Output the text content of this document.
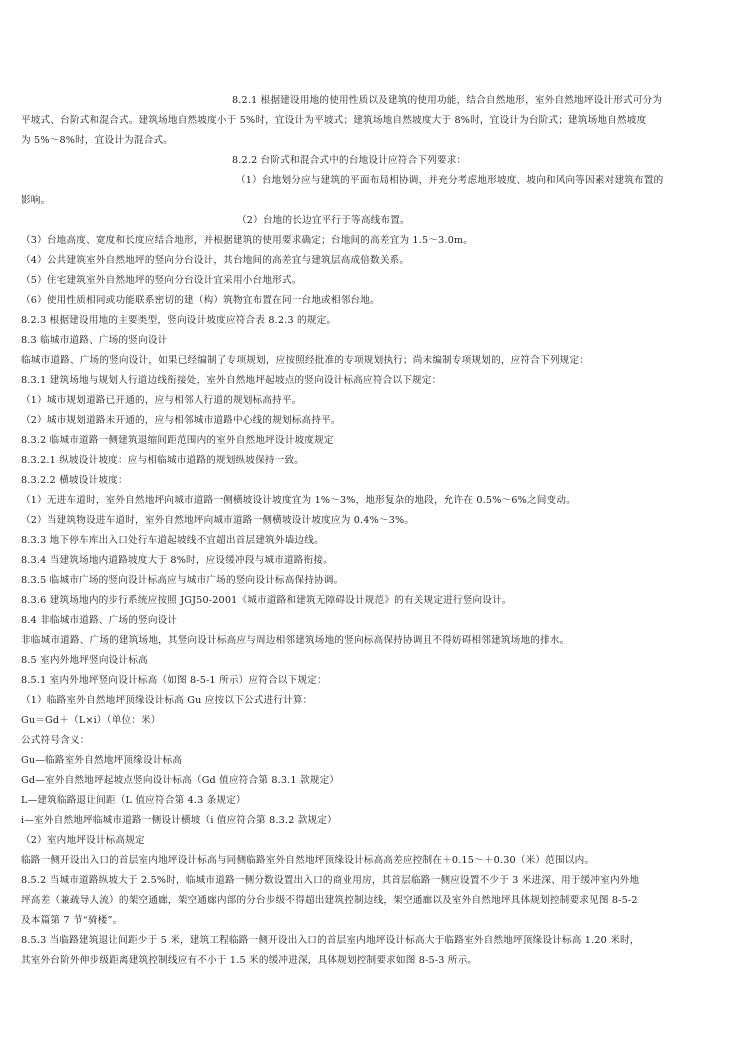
8.2.1 根据建设用地的使用性质以及建筑的使用功能，结合自然地形，室外自然地坪设计形式可分为
平坡式、台阶式和混合式。建筑场地自然坡度小于 5%时，宜设计为平坡式；建筑场地自然坡度大于 8%时，宜设计为台阶式；建筑场地自然坡度
为 5%～8%时，宜设计为混合式。
8.2.2 台阶式和混合式中的台地设计应符合下列要求：
（1）台地划分应与建筑的平面布局相协调，并充分考虑地形坡度、坡向和风向等因素对建筑布置的
影响。
（2）台地的长边宜平行于等高线布置。
（3）台地高度、宽度和长度应结合地形，并根据建筑的使用要求确定；台地间的高差宜为 1.5～3.0m。
（4）公共建筑室外自然地坪的竖向分台设计，其台地间的高差宜与建筑层高成倍数关系。
（5）住宅建筑室外自然地坪的竖向分台设计宜采用小台地形式。
（6）使用性质相同或功能联系密切的建（构）筑物宜布置在同一台地或相邻台地。
8.2.3 根据建设用地的主要类型，竖向设计坡度应符合表 8.2.3 的规定。
8.3 临城市道路、广场的竖向设计
临城市道路、广场的竖向设计，如果已经编制了专项规划，应按照经批准的专项规划执行；尚未编制专项规划的，应符合下列规定：
8.3.1 建筑场地与规划人行道边线衔接处，室外自然地坪起坡点的竖向设计标高应符合以下规定：
（1）城市规划道路已开通的，应与相邻人行道的规划标高持平。
（2）城市规划道路未开通的，应与相邻城市道路中心线的规划标高持平。
8.3.2 临城市道路一侧建筑退缩间距范围内的室外自然地坪设计坡度规定
8.3.2.1 纵坡设计坡度：应与相临城市道路的规划纵坡保持一致。
8.3.2.2 横坡设计坡度：
（1）无进车道时，室外自然地坪向城市道路一侧横坡设计坡度宜为 1%～3%，地形复杂的地段，允许在 0.5%～6%之间变动。
（2）当建筑物设进车道时，室外自然地坪向城市道路一侧横坡设计坡度应为 0.4%～3%。
8.3.3 地下停车库出入口处行车道起坡线不宜超出首层建筑外墙边线。
8.3.4 当建筑场地内道路坡度大于 8%时，应设缓冲段与城市道路衔接。
8.3.5 临城市广场的竖向设计标高应与城市广场的竖向设计标高保持协调。
8.3.6 建筑场地内的步行系统应按照 JGJ50-2001《城市道路和建筑无障碍设计规范》的有关规定进行竖向设计。
8.4 非临城市道路、广场的竖向设计
非临城市道路、广场的建筑场地，其竖向设计标高应与周边相邻建筑场地的竖向标高保持协调且不得妨碍相邻建筑场地的排水。
8.5 室内外地坪竖向设计标高
8.5.1 室内外地坪竖向设计标高（如图 8-5-1 所示）应符合以下规定：
（1）临路室外自然地坪顶缘设计标高 Gu 应按以下公式进行计算：
Gu＝Gd＋（L×i）（单位：米）
公式符号含义：
Gu—临路室外自然地坪顶缘设计标高
Gd—室外自然地坪起坡点竖向设计标高（Gd 值应符合第 8.3.1 款规定）
L—建筑临路退让间距（L 值应符合第 4.3 条规定）
i—室外自然地坪临城市道路一侧设计横坡（i 值应符合第 8.3.2 款规定）
（2）室内地坪设计标高规定
临路一侧开设出入口的首层室内地坪设计标高与同侧临路室外自然地坪顶缘设计标高高差应控制在＋0.15～＋0.30（米）范围以内。
8.5.2 当城市道路纵坡大于 2.5%时，临城市道路一侧分数设置出入口的商业用房，其首层临路一侧应设置不少于 3 米进深、用于缓冲室内外地
坪高差（兼疏导人流）的架空通廊，架空通廊内部的分台步级不得超出建筑控制边线，架空通廊以及室外自然地坪具体规划控制要求见图 8-5-2
及本篇第 7 节“骑楼”。
8.5.3 当临路建筑退让间距少于 5 米，建筑工程临路一侧开设出入口的首层室内地坪设计标高大于临路室外自然地坪顶缘设计标高 1.20 米时，
其室外台阶外伸步级距离建筑控制线应有不小于 1.5 米的缓冲进深，具体规划控制要求如图 8-5-3 所示。
